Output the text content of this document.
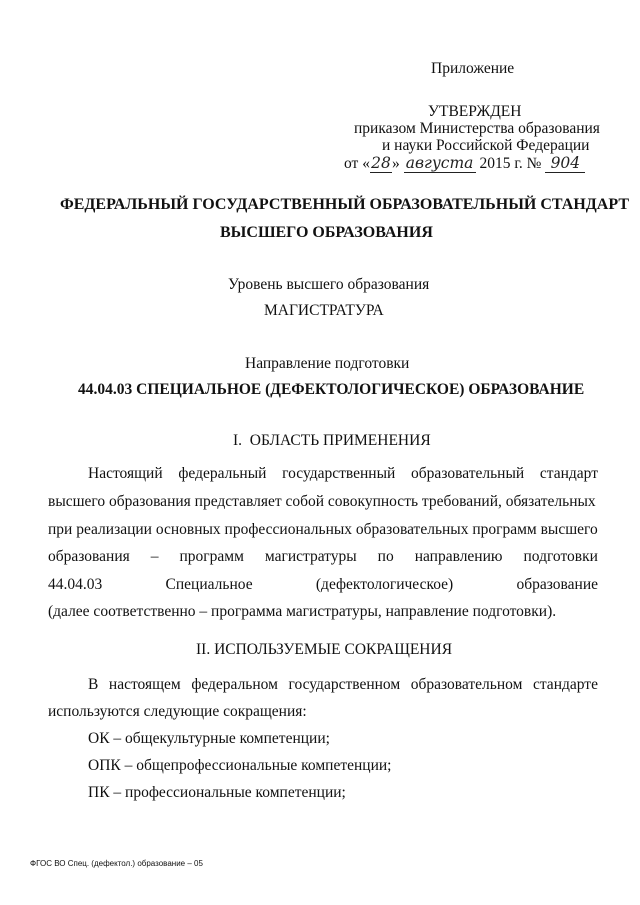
Приложение
УТВЕРЖДЕН
приказом Министерства образования
и науки Российской Федерации
от «28» августа 2015 г. № 904
ФЕДЕРАЛЬНЫЙ ГОСУДАРСТВЕННЫЙ ОБРАЗОВАТЕЛЬНЫЙ СТАНДАРТ
ВЫСШЕГО ОБРАЗОВАНИЯ
Уровень высшего образования
МАГИСТРАТУРА
Направление подготовки
44.04.03 СПЕЦИАЛЬНОЕ (ДЕФЕКТОЛОГИЧЕСКОЕ) ОБРАЗОВАНИЕ
I.  ОБЛАСТЬ ПРИМЕНЕНИЯ
Настоящий федеральный государственный образовательный стандарт
высшего образования представляет собой совокупность требований, обязательных
при реализации основных профессиональных образовательных программ высшего
образования – программ магистратуры по направлению подготовки
44.04.03	Специальное	(дефектологическое)	образование
(далее соответственно – программа магистратуры, направление подготовки).
II. ИСПОЛЬЗУЕМЫЕ СОКРАЩЕНИЯ
В настоящем федеральном государственном образовательном стандарте
используются следующие сокращения:
ОК – общекультурные компетенции;
ОПК – общепрофессиональные компетенции;
ПК – профессиональные компетенции;
ФГОС ВО Спец. (дефектол.) образование – 05
